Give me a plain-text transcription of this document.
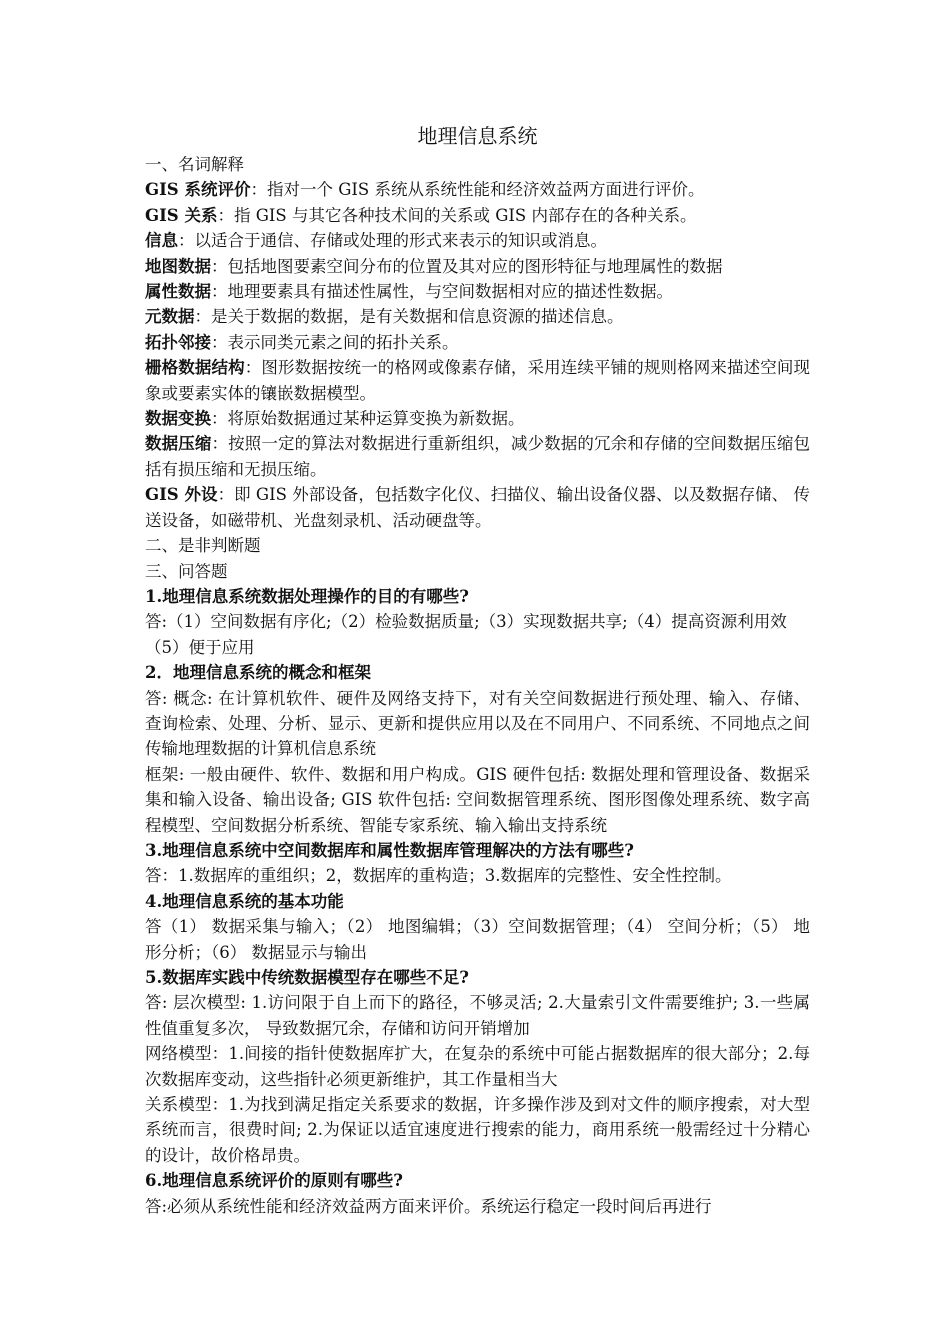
地理信息系统

一、名词解释

GIS 系统评价：指对一个 GIS 系统从系统性能和经济效益两方面进行评价。

GIS 关系：指 GIS 与其它各种技术间的关系或 GIS 内部存在的各种关系。

信息：以适合于通信、存储或处理的形式来表示的知识或消息。

地图数据：包括地图要素空间分布的位置及其对应的图形特征与地理属性的数据

属性数据：地理要素具有描述性属性，与空间数据相对应的描述性数据。

元数据：是关于数据的数据，是有关数据和信息资源的描述信息。

拓扑邻接：表示同类元素之间的拓扑关系。

栅格数据结构：图形数据按统一的格网或像素存储，采用连续平铺的规则格网来描述空间现象或要素实体的镶嵌数据模型。

数据变换：将原始数据通过某种运算变换为新数据。

数据压缩：按照一定的算法对数据进行重新组织，减少数据的冗余和存储的空间数据压缩包括有损压缩和无损压缩。

GIS 外设：即 GIS 外部设备，包括数字化仪、扫描仪、输出设备仪器、以及数据存储、 传送设备，如磁带机、光盘刻录机、活动硬盘等。

二、是非判断题

三、问答题

1.地理信息系统数据处理操作的目的有哪些?

答:（1）空间数据有序化;（2）检验数据质量;（3）实现数据共享;（4）提高资源利用效

（5）便于应用

2．地理信息系统的概念和框架

答: 概念: 在计算机软件、硬件及网络支持下，对有关空间数据进行预处理、输入、存储、查询检索、处理、分析、显示、更新和提供应用以及在不同用户、不同系统、不同地点之间传输地理数据的计算机信息系统

框架: 一般由硬件、软件、数据和用户构成。GIS 硬件包括: 数据处理和管理设备、数据采集和输入设备、输出设备; GIS 软件包括: 空间数据管理系统、图形图像处理系统、数字高程模型、空间数据分析系统、智能专家系统、输入输出支持系统

3.地理信息系统中空间数据库和属性数据库管理解决的方法有哪些?

答：1.数据库的重组织；2，数据库的重构造；3.数据库的完整性、安全性控制。

4.地理信息系统的基本功能

答（1） 数据采集与输入；（2） 地图编辑；（3）空间数据管理；（4） 空间分析；（5） 地形分析；（6） 数据显示与输出

5.数据库实践中传统数据模型存在哪些不足?

答: 层次模型: 1.访问限于自上而下的路径，不够灵活; 2.大量索引文件需要维护; 3.一些属性值重复多次， 导致数据冗余，存储和访问开销增加

网络模型：1.间接的指针使数据库扩大，在复杂的系统中可能占据数据库的很大部分；2.每次数据库变动，这些指针必须更新维护，其工作量相当大

关系模型：1.为找到满足指定关系要求的数据，许多操作涉及到对文件的顺序搜索，对大型系统而言，很费时间; 2.为保证以适宜速度进行搜索的能力，商用系统一般需经过十分精心的设计，故价格昂贵。

6.地理信息系统评价的原则有哪些?

答:必须从系统性能和经济效益两方面来评价。系统运行稳定一段时间后再进行
